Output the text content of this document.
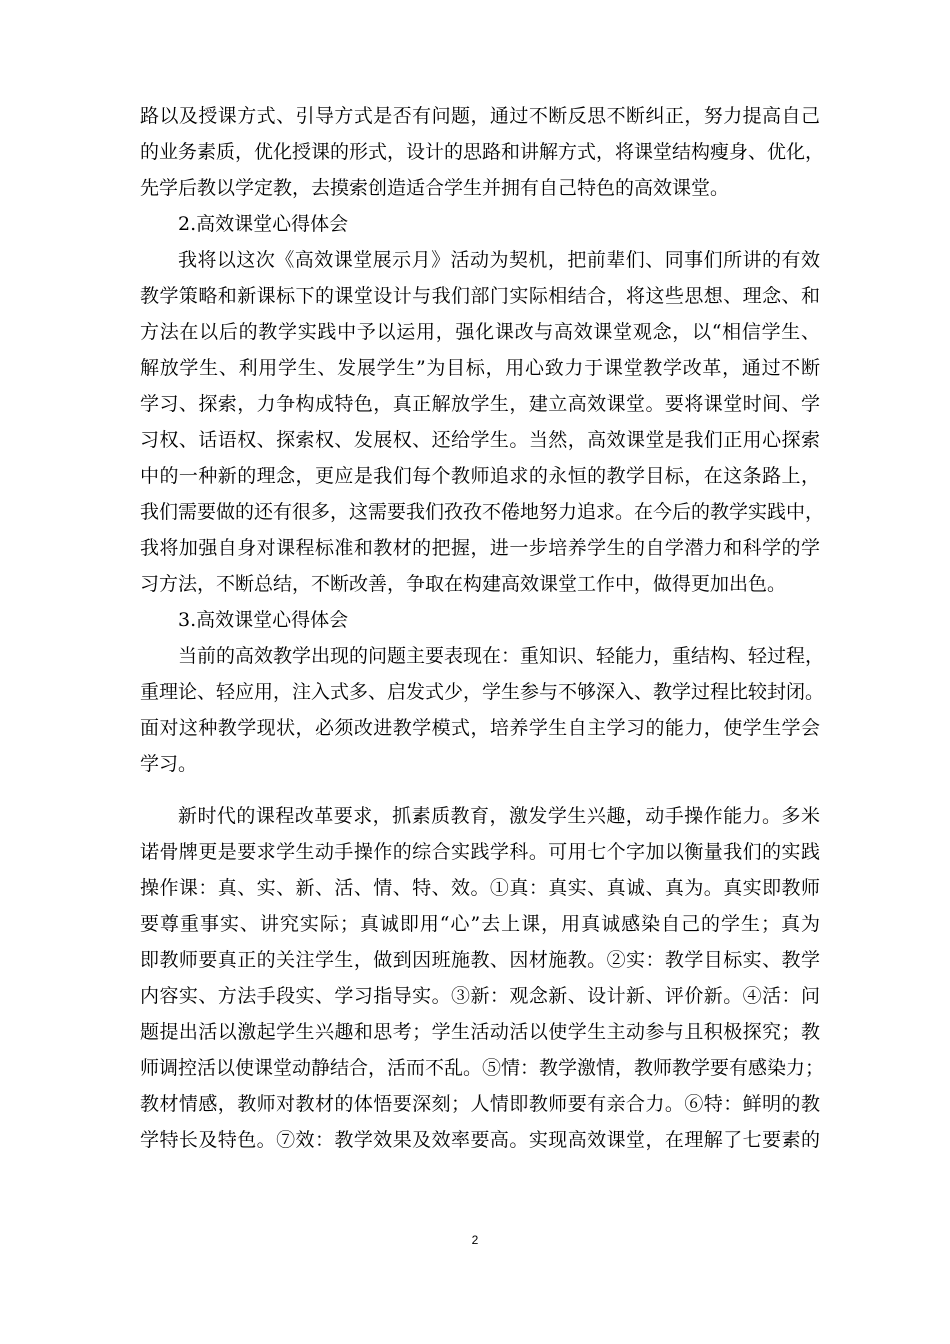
路以及授课方式、引导方式是否有问题，通过不断反思不断纠正，努力提高自己
的业务素质，优化授课的形式，设计的思路和讲解方式，将课堂结构瘦身、优化，
先学后教以学定教，去摸索创造适合学生并拥有自己特色的高效课堂。
2.高效课堂心得体会
我将以这次《高效课堂展示月》活动为契机，把前辈们、同事们所讲的有效
教学策略和新课标下的课堂设计与我们部门实际相结合，将这些思想、理念、和
方法在以后的教学实践中予以运用，强化课改与高效课堂观念，以“相信学生、
解放学生、利用学生、发展学生”为目标，用心致力于课堂教学改革，通过不断
学习、探索，力争构成特色，真正解放学生，建立高效课堂。要将课堂时间、学
习权、话语权、探索权、发展权、还给学生。当然，高效课堂是我们正用心探索
中的一种新的理念，更应是我们每个教师追求的永恒的教学目标，在这条路上，
我们需要做的还有很多，这需要我们孜孜不倦地努力追求。在今后的教学实践中，
我将加强自身对课程标准和教材的把握，进一步培养学生的自学潜力和科学的学
习方法，不断总结，不断改善，争取在构建高效课堂工作中，做得更加出色。
3.高效课堂心得体会
当前的高效教学出现的问题主要表现在：重知识、轻能力，重结构、轻过程，
重理论、轻应用，注入式多、启发式少，学生参与不够深入、教学过程比较封闭。
面对这种教学现状，必须改进教学模式，培养学生自主学习的能力，使学生学会
学习。
新时代的课程改革要求，抓素质教育，激发学生兴趣，动手操作能力。多米
诺骨牌更是要求学生动手操作的综合实践学科。可用七个字加以衡量我们的实践
操作课：真、实、新、活、情、特、效。①真：真实、真诚、真为。真实即教师
要尊重事实、讲究实际；真诚即用“心”去上课，用真诚感染自己的学生；真为
即教师要真正的关注学生，做到因班施教、因材施教。②实：教学目标实、教学
内容实、方法手段实、学习指导实。③新：观念新、设计新、评价新。④活：问
题提出活以激起学生兴趣和思考；学生活动活以使学生主动参与且积极探究；教
师调控活以使课堂动静结合，活而不乱。⑤情：教学激情，教师教学要有感染力；
教材情感，教师对教材的体悟要深刻；人情即教师要有亲合力。⑥特：鲜明的教
学特长及特色。⑦效：教学效果及效率要高。实现高效课堂，在理解了七要素的
2
